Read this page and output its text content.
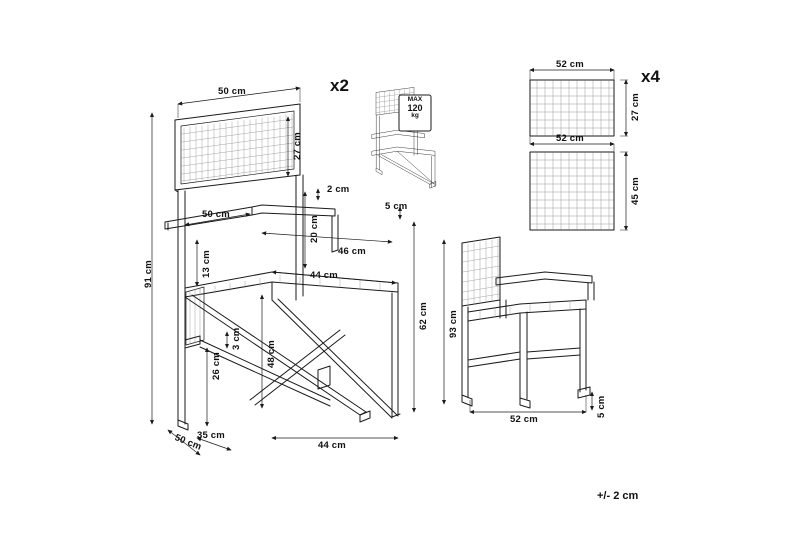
x2	x4
MAX
120
kg
50 cm
27 cm
2 cm
5 cm
20 cm
50 cm
46 cm
13 cm	44 cm
48 cm
91 cm
62 cm
26 cm
3 cm
35 cm
50 cm	44 cm
93 cm
52 cm
5 cm
52 cm
27 cm
52 cm
45 cm
+/- 2 cm
